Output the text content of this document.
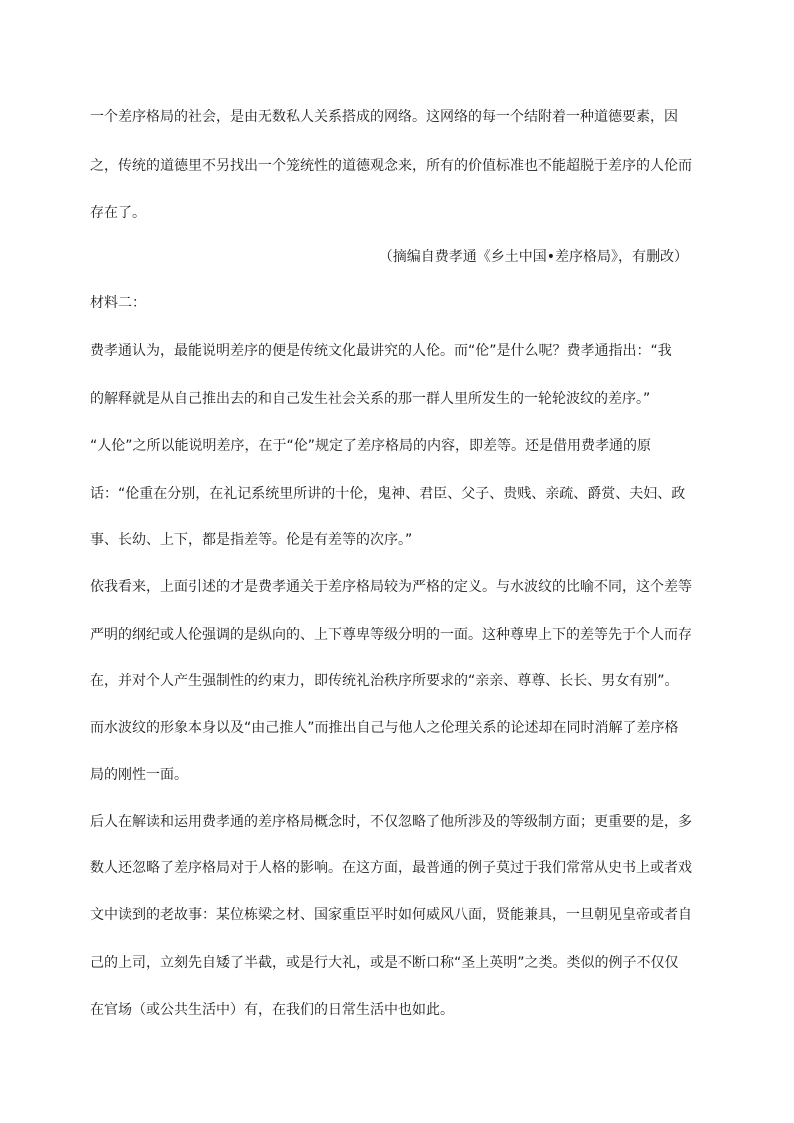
一个差序格局的社会，是由无数私人关系搭成的网络。这网络的每一个结附着一种道德要素，因
之，传统的道德里不另找出一个笼统性的道德观念来，所有的价值标准也不能超脱于差序的人伦而
存在了。
（摘编自费孝通《乡土中国•差序格局》，有删改）
材料二：
费孝通认为，最能说明差序的便是传统文化最讲究的人伦。而“伦”是什么呢？费孝通指出：“我
的解释就是从自己推出去的和自己发生社会关系的那一群人里所发生的一轮轮波纹的差序。”
“人伦”之所以能说明差序，在于“伦”规定了差序格局的内容，即差等。还是借用费孝通的原
话：“伦重在分别，在礼记系统里所讲的十伦，鬼神、君臣、父子、贵贱、亲疏、爵赏、夫妇、政
事、长幼、上下，都是指差等。伦是有差等的次序。”
依我看来，上面引述的才是费孝通关于差序格局较为严格的定义。与水波纹的比喻不同，这个差等
严明的纲纪或人伦强调的是纵向的、上下尊卑等级分明的一面。这种尊卑上下的差等先于个人而存
在，并对个人产生强制性的约束力，即传统礼治秩序所要求的“亲亲、尊尊、长长、男女有别”。
而水波纹的形象本身以及“由己推人”而推出自己与他人之伦理关系的论述却在同时消解了差序格
局的刚性一面。
后人在解读和运用费孝通的差序格局概念时，不仅忽略了他所涉及的等级制方面；更重要的是，多
数人还忽略了差序格局对于人格的影响。在这方面，最普通的例子莫过于我们常常从史书上或者戏
文中读到的老故事：某位栋梁之材、国家重臣平时如何威风八面，贤能兼具，一旦朝见皇帝或者自
己的上司，立刻先自矮了半截，或是行大礼，或是不断口称“圣上英明”之类。类似的例子不仅仅
在官场（或公共生活中）有，在我们的日常生活中也如此。
